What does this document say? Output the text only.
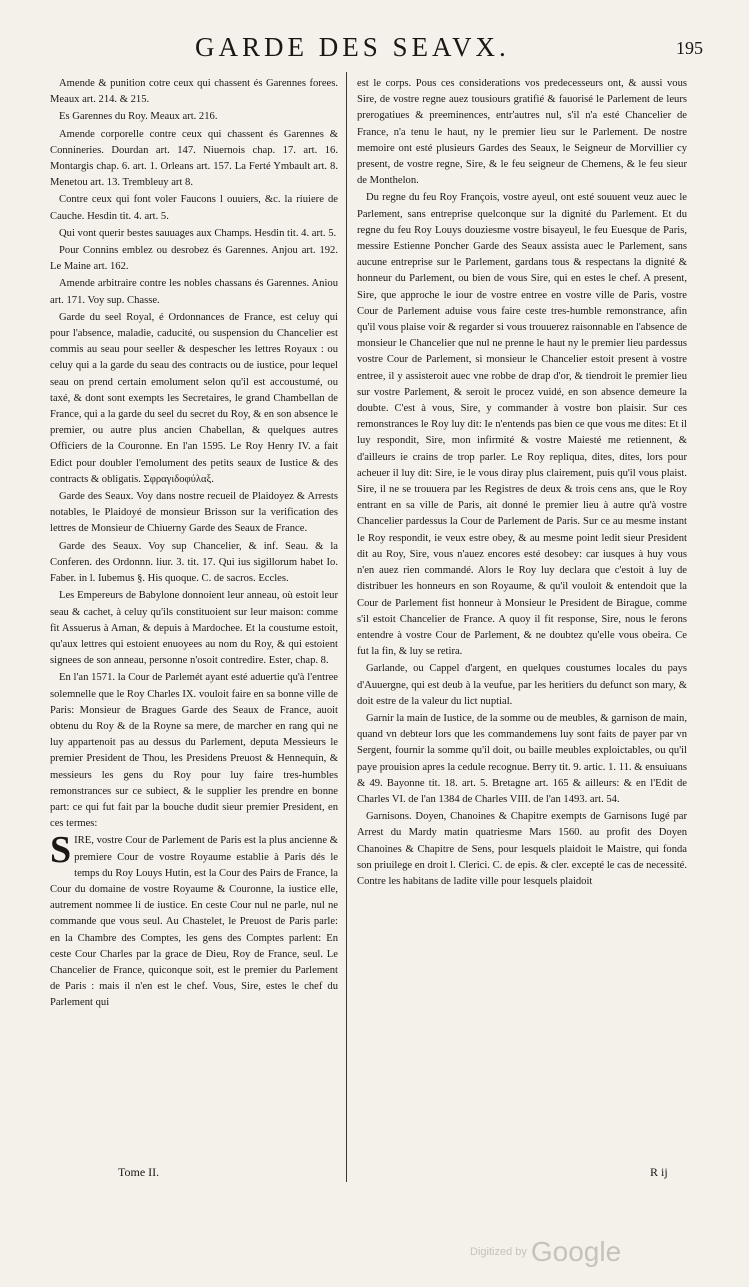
GARDE DES SEAVX.	195

Amende & punition cotre ceux qui chassent és Garennes forees. Meaux art. 214. & 215.

Es Garennes du Roy. Meaux art. 216.

Amende corporelle contre ceux qui chassent és Garennes & Connineries. Dourdan art. 147. Niuernois chap. 17. art. 16. Montargis chap. 6. art. 1. Orleans art. 157. La Ferté Ymbault art. 8. Menetou art. 13. Trembleuy art 8.

Contre ceux qui font voler Faucons l ouuiers, &c. la riuiere de Cauche. Hesdin tit. 4. art. 5.

Qui vont querir bestes sauuages aux Champs. Hesdin tit. 4. art. 5.

Pour Connins emblez ou desrobez és Garennes. Anjou art. 192. Le Maine art. 162.

Amende arbitraire contre les nobles chassans és Garennes. Aniou art. 171. Voy sup. Chasse.

Garde du seel Royal, é Ordonnances de France, est celuy qui pour l'absence, maladie, caducité, ou suspension du Chancelier est commis au seau pour seeller & despescher les lettres Royaux : ou celuy qui a la garde du seau des contracts ou de iustice, pour lequel seau on prend certain emolument selon qu'il est accoustumé, ou taxé, & dont sont exempts les Secretaires, le grand Chambellan de France, qui a la garde du seel du secret du Roy, & en son absence le premier, ou autre plus ancien Chabellan, & quelques autres Officiers de la Couronne. En l'an 1595. Le Roy Henry IV. a fait Edict pour doubler l'emolument des petits seaux de Iustice & des contracts & obligatis. Σφραγιδοφύλαξ.

Garde des Seaux. Voy dans nostre recueil de Plaidoyez & Arrests notables, le Plaidoyé de monsieur Brisson sur la verification des lettres de Monsieur de Chiuerny Garde des Seaux de France.

Garde des Seaux. Voy sup Chancelier, & inf. Seau. & la Conferen. des Ordonnn. liur. 3. tit. 17. Qui ius sigillorum habet Io. Faber. in l. Iubemus §. His quoque. C. de sacros. Eccles.

Les Empereurs de Babylone donnoient leur anneau, où estoit leur seau & cachet, à celuy qu'ils constituoient sur leur maison: comme fit Assuerus à Aman, & depuis à Mardochee. Et la coustume estoit, qu'aux lettres qui estoient enuoyees au nom du Roy, & qui estoient signees de son anneau, personne n'osoit contredire. Ester, chap. 8.

En l'an 1571. la Cour de Parlemét ayant esté aduertie qu'à l'entree solemnelle que le Roy Charles IX. vouloit faire en sa bonne ville de Paris: Monsieur de Bragues Garde des Seaux de France, auoit obtenu du Roy & de la Royne sa mere, de marcher en rang qui ne luy appartenoit pas au dessus du Parlement, deputa Messieurs le premier President de Thou, les Presidens Preuost & Hennequin, & messieurs les gens du Roy pour luy faire tres-humbles remonstrances sur ce subiect, & le supplier les prendre en bonne part: ce qui fut fait par la bouche dudit sieur premier President, en ces termes:

SIRE, vostre Cour de Parlement de Paris est la plus ancienne & premiere Cour de vostre Royaume establie à Paris dés le temps du Roy Louys Hutin, est la Cour des Pairs de France, la Cour du domaine de vostre Royaume & Couronne, la iustice elle, autrement nommee li de iustice. En ceste Cour nul ne parle, nul ne commande que vous seul. Au Chastelet, le Preuost de Paris parle: en la Chambre des Comptes, les gens des Comptes parlent: En ceste Cour Charles par la grace de Dieu, Roy de France, seul. Le Chancelier de France, quiconque soit, est le premier du Parlement de Paris : mais il n'en est le chef. Vous, Sire, estes le chef du Parlement qui

est le corps. Pous ces considerations vos predecesseurs ont, & aussi vous Sire, de vostre regne auez tousiours gratifié & fauorisé le Parlement de leurs prerogatiues & preeminences, entr'autres nul, s'il n'a esté Chancelier de France, n'a tenu le haut, ny le premier lieu sur le Parlement. De nostre memoire ont esté plusieurs Gardes des Seaux, le Seigneur de Morvillier cy present, de vostre regne, Sire, & le feu seigneur de Chemens, & le feu sieur de Monthelon.

Du regne du feu Roy François, vostre ayeul, ont esté souuent veuz auec le Parlement, sans entreprise quelconque sur la dignité du Parlement. Et du regne du feu Roy Louys douziesme vostre bisayeul, le feu Euesque de Paris, messire Estienne Poncher Garde des Seaux assista auec le Parlement, sans aucune entreprise sur le Parlement, gardans tous & respectans la dignité & honneur du Parlement, ou bien de vous Sire, qui en estes le chef. A present, Sire, que approche le iour de vostre entree en vostre ville de Paris, vostre Cour de Parlement aduise vous faire ceste tres-humble remonstrance, afin qu'il vous plaise voir & regarder si vous trouuerez raisonnable en l'absence de monsieur le Chancelier que nul ne prenne le haut ny le premier lieu pardessus vostre Cour de Parlement, si monsieur le Chancelier estoit present à vostre entree, il y assisteroit auec vne robbe de drap d'or, & tiendroit le premier lieu sur vostre Parlement, & seroit le procez vuidé, en son absence demeure la doubte. C'est à vous, Sire, y commander à vostre bon plaisir. Sur ces remonstrances le Roy luy dit: Ie n'entends pas bien ce que vous me dites: Et il luy respondit, Sire, mon infirmité & vostre Maiesté me retiennent, & d'ailleurs ie crains de trop parler. Le Roy repliqua, dites, dites, lors pour acheuer il luy dit: Sire, ie le vous diray plus clairement, puis qu'il vous plaist. Sire, il ne se trouuera par les Registres de deux & trois cens ans, que le Roy entrant en sa ville de Paris, ait donné le premier lieu à autre qu'à vostre Chancelier pardessus la Cour de Parlement de Paris. Sur ce au mesme instant le Roy respondit, ie veux estre obey, & au mesme point ledit sieur President dit au Roy, Sire, vous n'auez encores esté desobey: car iusques à huy vous n'en auez rien commandé. Alors le Roy luy declara que c'estoit à luy de distribuer les honneurs en son Royaume, & qu'il vouloit & entendoit que la Cour de Parlement fist honneur à Monsieur le President de Birague, comme s'il estoit Chancelier de France. A quoy il fit response, Sire, nous le ferons entendre à vostre Cour de Parlement, & ne doubtez qu'elle vous obeira. Ce fut la fin, & luy se retira.

Garlande, ou Cappel d'argent, en quelques coustumes locales du pays d'Auuergne, qui est deub à la veufue, par les heritiers du defunct son mary, & doit estre de la valeur du lict nuptial.

Garnir la main de Iustice, de la somme ou de meubles, & garnison de main, quand vn debteur lors que les commandemens luy sont faits de payer par vn Sergent, fournir la somme qu'il doit, ou baille meubles exploictables, ou qu'il paye prouision apres la cedule recognue. Berry tit. 9. artic. 1. 11. & ensuiuans & 49. Bayonne tit. 18. art. 5. Bretagne art. 165 & ailleurs: & en l'Edit de Charles VI. de l'an 1384 de Charles VIII. de l'an 1493. art. 54.

Garnisons. Doyen, Chanoines & Chapitre exempts de Garnisons Iugé par Arrest du Mardy matin quatriesme Mars 1560. au profit des Doyen Chanoines & Chapitre de Sens, pour lesquels plaidoit le Maistre, qui fonda son priuilege en droit l. Clerici. C. de epis. & cler. excepté le cas de necessité. Contre les habitans de ladite ville pour lesquels plaidoit

Tome II.	R ij
Digitized by Google
